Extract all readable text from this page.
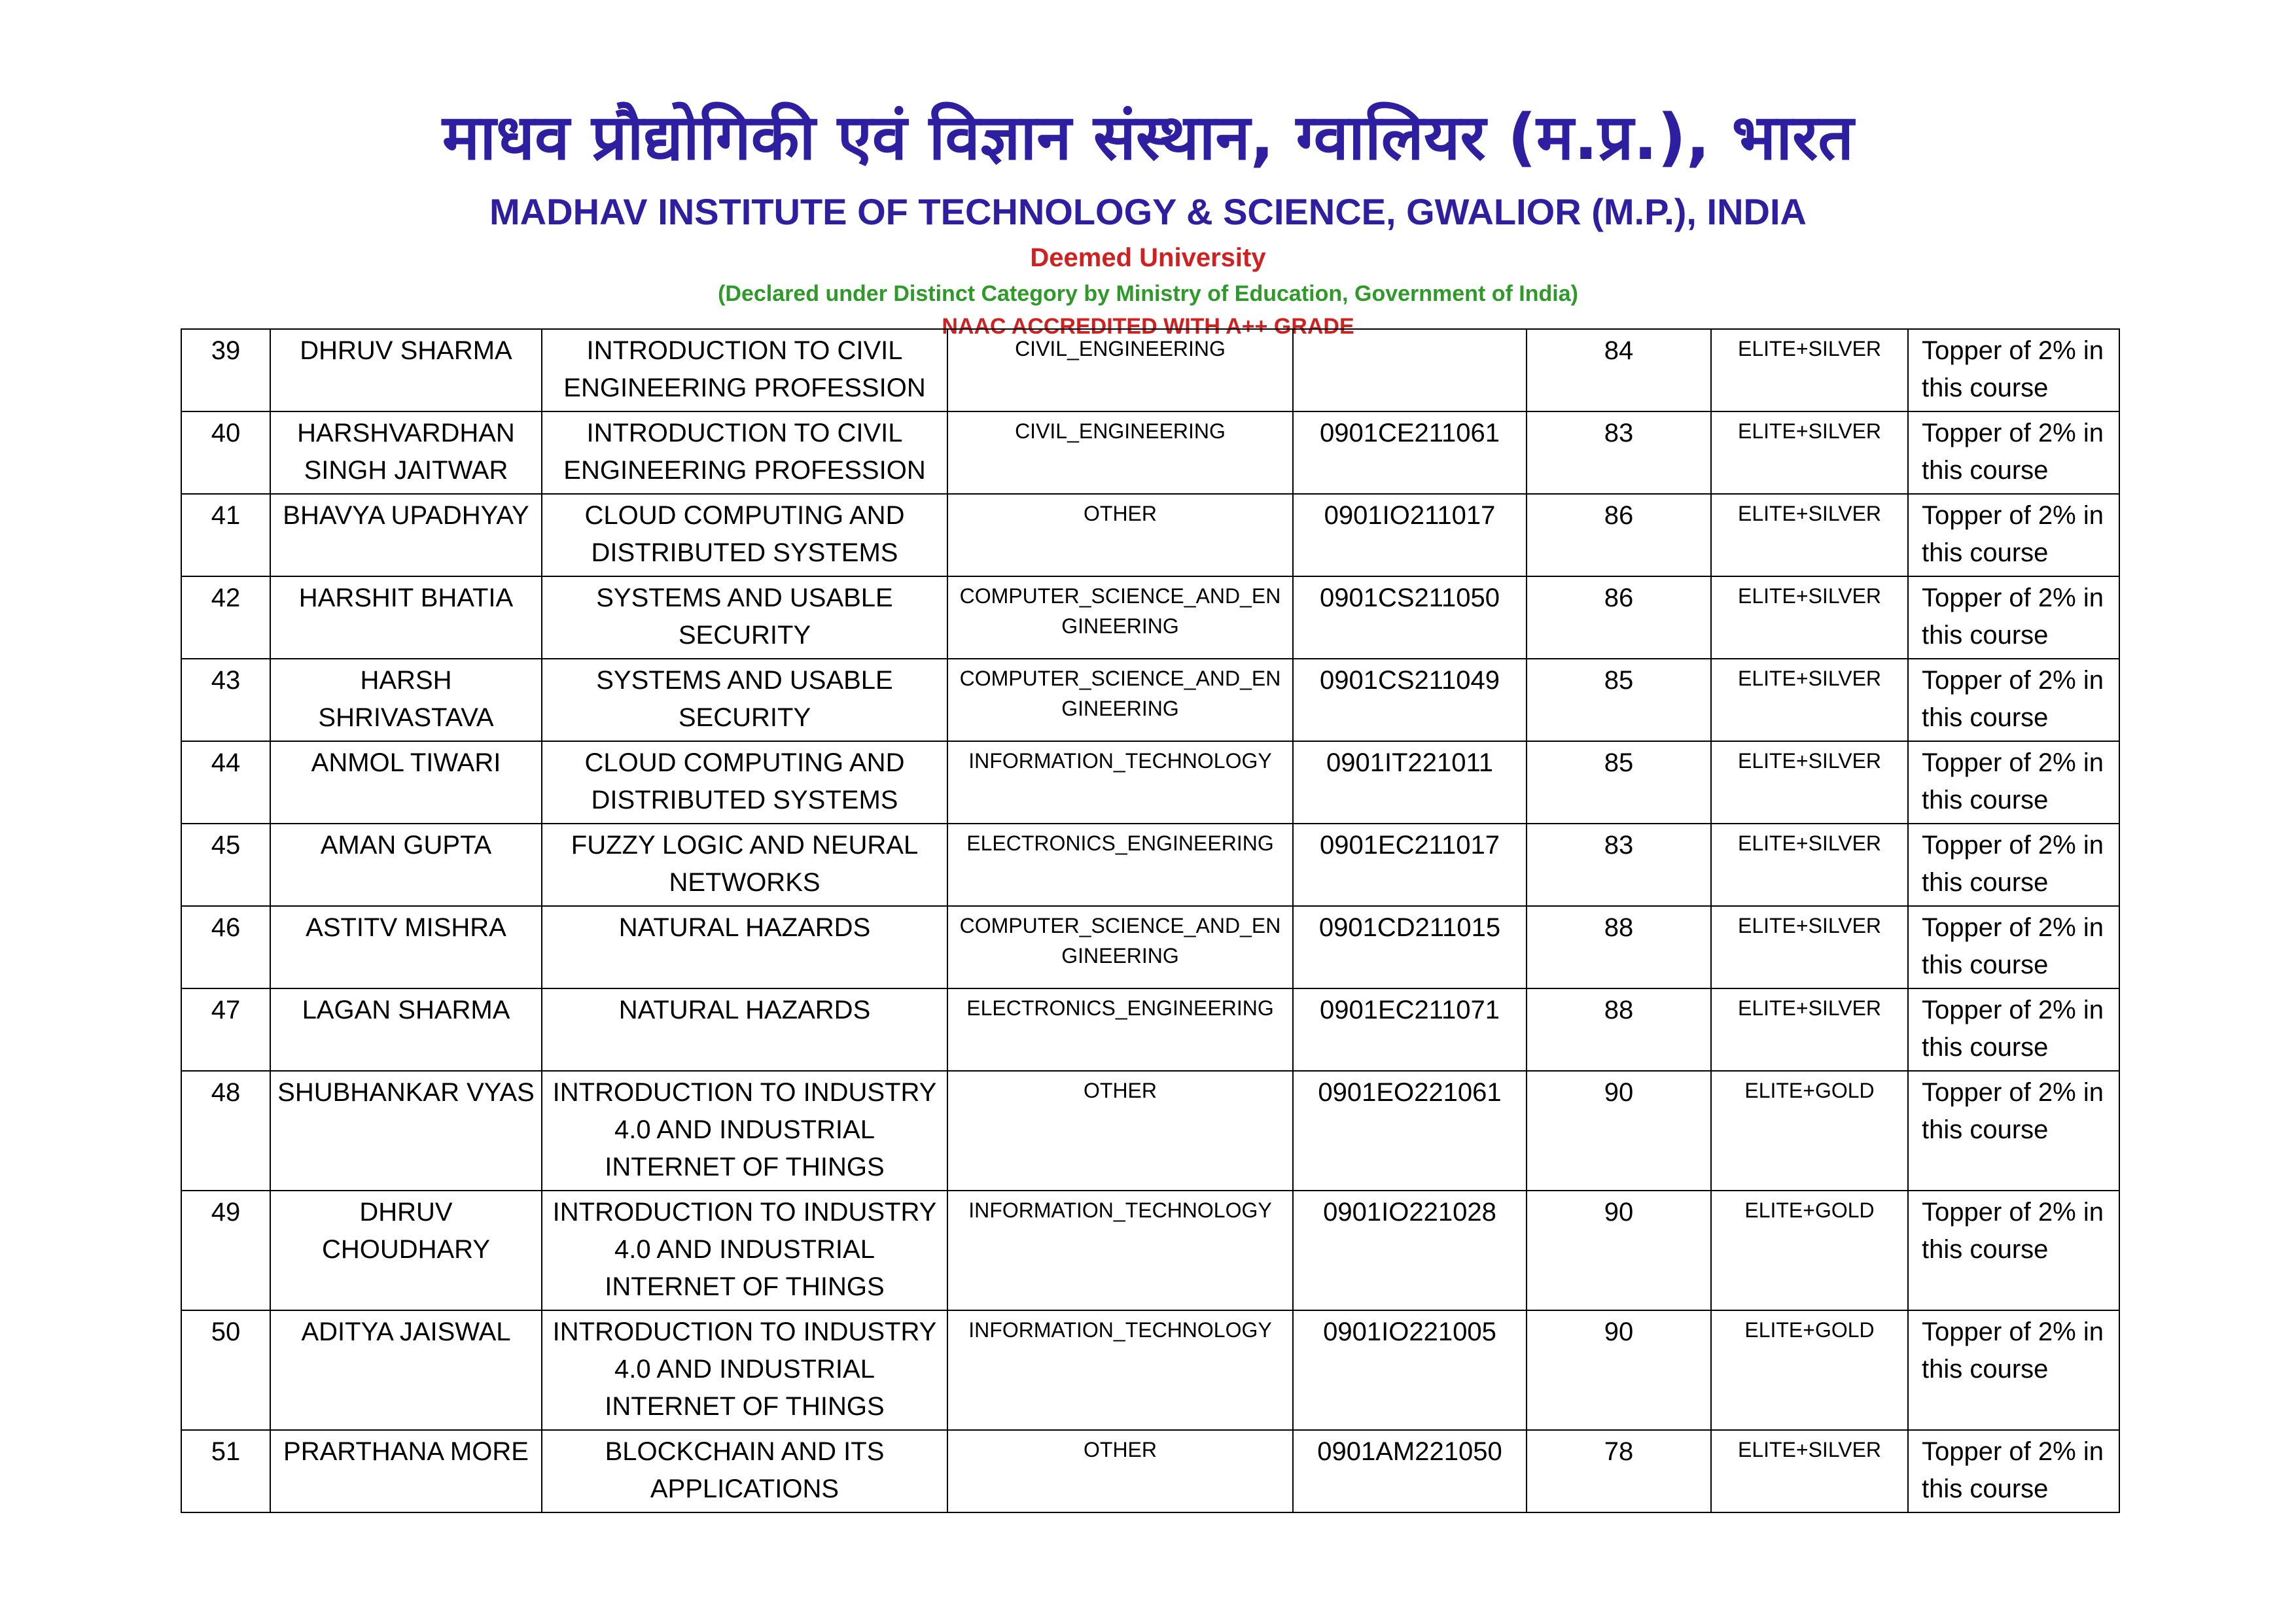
माधव प्रौद्योगिकी एवं विज्ञान संस्थान, ग्वालियर (म.प्र.), भारत
MADHAV INSTITUTE OF TECHNOLOGY & SCIENCE, GWALIOR (M.P.), INDIA
Deemed University
(Declared under Distinct Category by Ministry of Education, Government of India)
NAAC ACCREDITED WITH A++ GRADE
39	DHRUV SHARMA	INTRODUCTION TO CIVIL ENGINEERING PROFESSION	CIVIL_ENGINEERING		84	ELITE+SILVER	Topper of 2% in this course
40	HARSHVARDHAN SINGH JAITWAR	INTRODUCTION TO CIVIL ENGINEERING PROFESSION	CIVIL_ENGINEERING	0901CE211061	83	ELITE+SILVER	Topper of 2% in this course
41	BHAVYA UPADHYAY	CLOUD COMPUTING AND DISTRIBUTED SYSTEMS	OTHER	0901IO211017	86	ELITE+SILVER	Topper of 2% in this course
42	HARSHIT BHATIA	SYSTEMS AND USABLE SECURITY	COMPUTER_SCIENCE_AND_EN GINEERING	0901CS211050	86	ELITE+SILVER	Topper of 2% in this course
43	HARSH SHRIVASTAVA	SYSTEMS AND USABLE SECURITY	COMPUTER_SCIENCE_AND_EN GINEERING	0901CS211049	85	ELITE+SILVER	Topper of 2% in this course
44	ANMOL TIWARI	CLOUD COMPUTING AND DISTRIBUTED SYSTEMS	INFORMATION_TECHNOLOGY	0901IT221011	85	ELITE+SILVER	Topper of 2% in this course
45	AMAN GUPTA	FUZZY LOGIC AND NEURAL NETWORKS	ELECTRONICS_ENGINEERING	0901EC211017	83	ELITE+SILVER	Topper of 2% in this course
46	ASTITV MISHRA	NATURAL HAZARDS	COMPUTER_SCIENCE_AND_EN GINEERING	0901CD211015	88	ELITE+SILVER	Topper of 2% in this course
47	LAGAN SHARMA	NATURAL HAZARDS	ELECTRONICS_ENGINEERING	0901EC211071	88	ELITE+SILVER	Topper of 2% in this course
48	SHUBHANKAR VYAS	INTRODUCTION TO INDUSTRY 4.0 AND INDUSTRIAL INTERNET OF THINGS	OTHER	0901EO221061	90	ELITE+GOLD	Topper of 2% in this course
49	DHRUV CHOUDHARY	INTRODUCTION TO INDUSTRY 4.0 AND INDUSTRIAL INTERNET OF THINGS	INFORMATION_TECHNOLOGY	0901IO221028	90	ELITE+GOLD	Topper of 2% in this course
50	ADITYA JAISWAL	INTRODUCTION TO INDUSTRY 4.0 AND INDUSTRIAL INTERNET OF THINGS	INFORMATION_TECHNOLOGY	0901IO221005	90	ELITE+GOLD	Topper of 2% in this course
51	PRARTHANA MORE	BLOCKCHAIN AND ITS APPLICATIONS	OTHER	0901AM221050	78	ELITE+SILVER	Topper of 2% in this course
